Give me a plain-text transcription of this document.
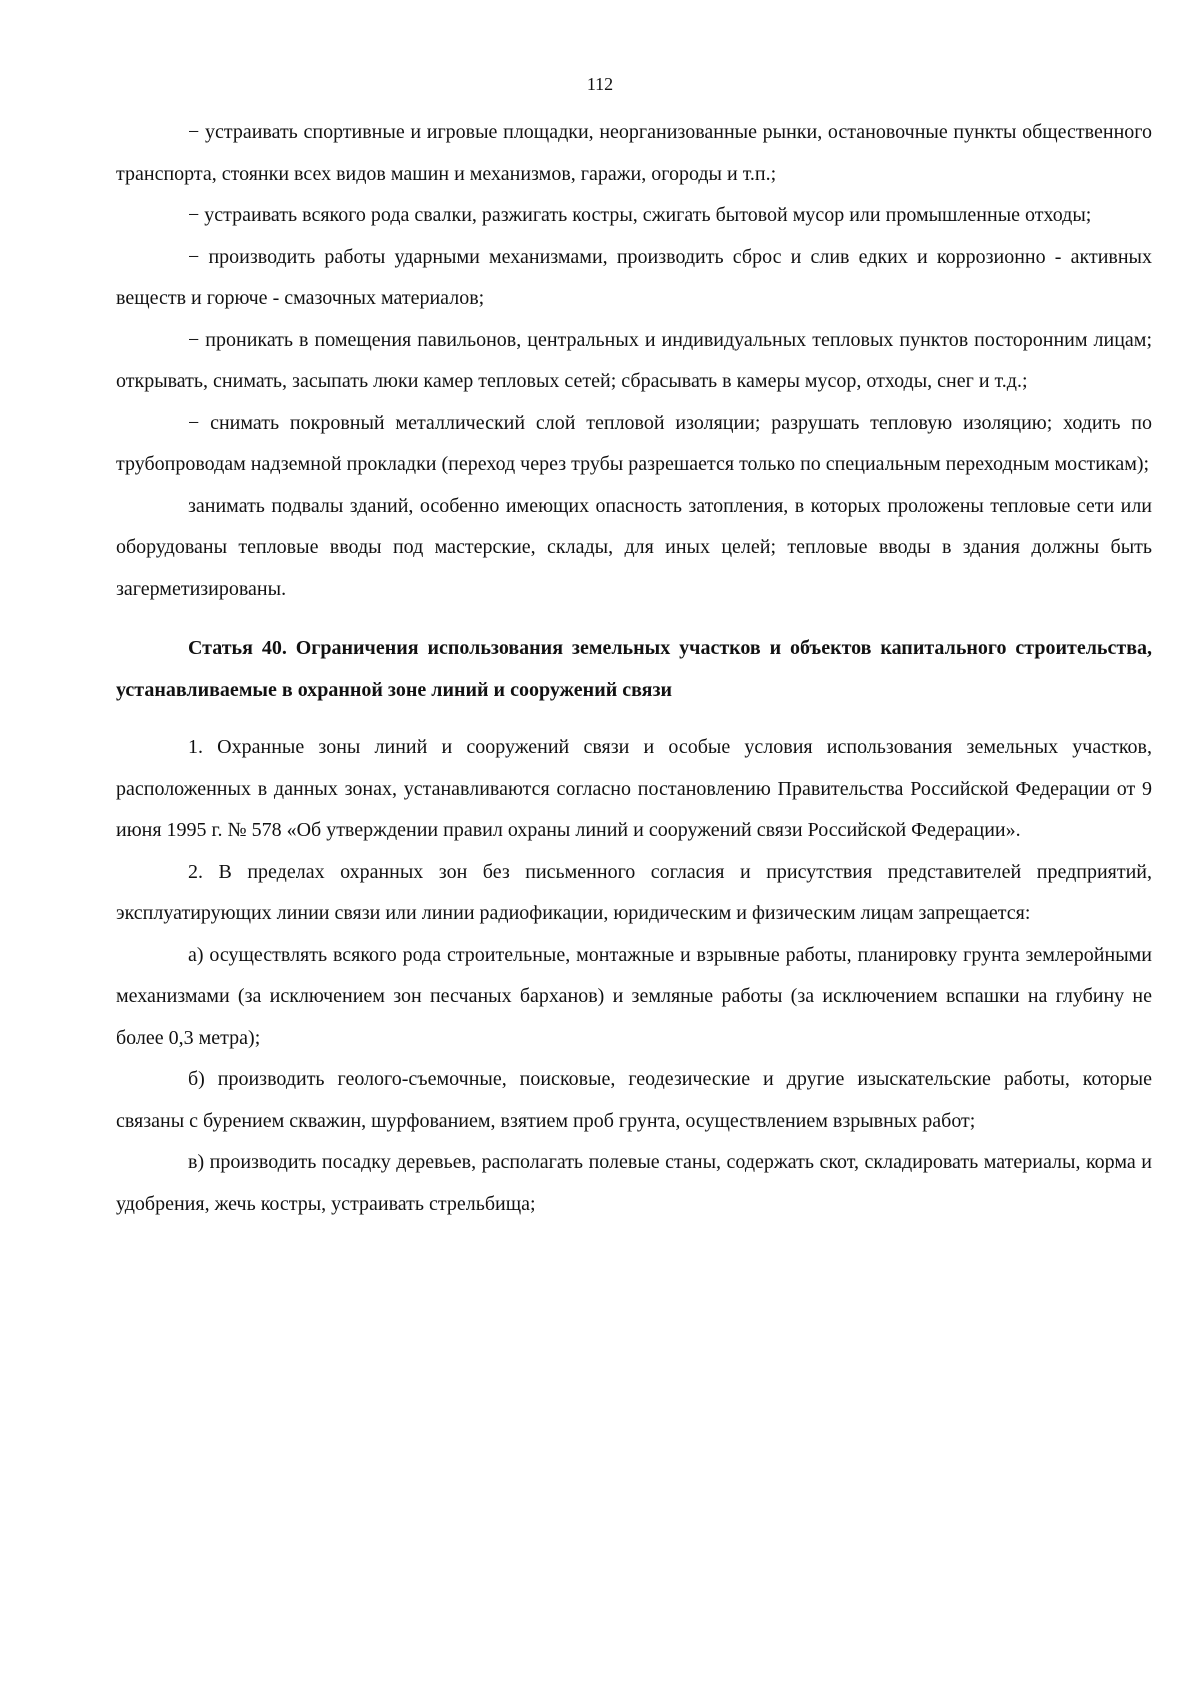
112

− устраивать спортивные и игровые площадки, неорганизованные рынки, остановочные пункты общественного транспорта, стоянки всех видов машин и механизмов, гаражи, огороды и т.п.;

− устраивать всякого рода свалки, разжигать костры, сжигать бытовой мусор или промышленные отходы;

− производить работы ударными механизмами, производить сброс и слив едких и коррозионно - активных веществ и горюче - смазочных материалов;

− проникать в помещения павильонов, центральных и индивидуальных тепловых пунктов посторонним лицам; открывать, снимать, засыпать люки камер тепловых сетей; сбрасывать в камеры мусор, отходы, снег и т.д.;

− снимать покровный металлический слой тепловой изоляции; разрушать тепловую изоляцию; ходить по трубопроводам надземной прокладки (переход через трубы разрешается только по специальным переходным мостикам);

занимать подвалы зданий, особенно имеющих опасность затопления, в которых проложены тепловые сети или оборудованы тепловые вводы под мастерские, склады, для иных целей; тепловые вводы в здания должны быть загерметизированы.

Статья 40. Ограничения использования земельных участков и объектов капитального строительства, устанавливаемые в охранной зоне линий и сооружений связи

1. Охранные зоны линий и сооружений связи и особые условия использования земельных участков, расположенных в данных зонах, устанавливаются согласно постановлению Правительства Российской Федерации от 9 июня 1995 г. № 578 «Об утверждении правил охраны линий и сооружений связи Российской Федерации».

2. В пределах охранных зон без письменного согласия и присутствия представителей предприятий, эксплуатирующих линии связи или линии радиофикации, юридическим и физическим лицам запрещается:

а) осуществлять всякого рода строительные, монтажные и взрывные работы, планировку грунта землеройными механизмами (за исключением зон песчаных барханов) и земляные работы (за исключением вспашки на глубину не более 0,3 метра);

б) производить геолого-съемочные, поисковые, геодезические и другие изыскательские работы, которые связаны с бурением скважин, шурфованием, взятием проб грунта, осуществлением взрывных работ;

в) производить посадку деревьев, располагать полевые станы, содержать скот, складировать материалы, корма и удобрения, жечь костры, устраивать стрельбища;
